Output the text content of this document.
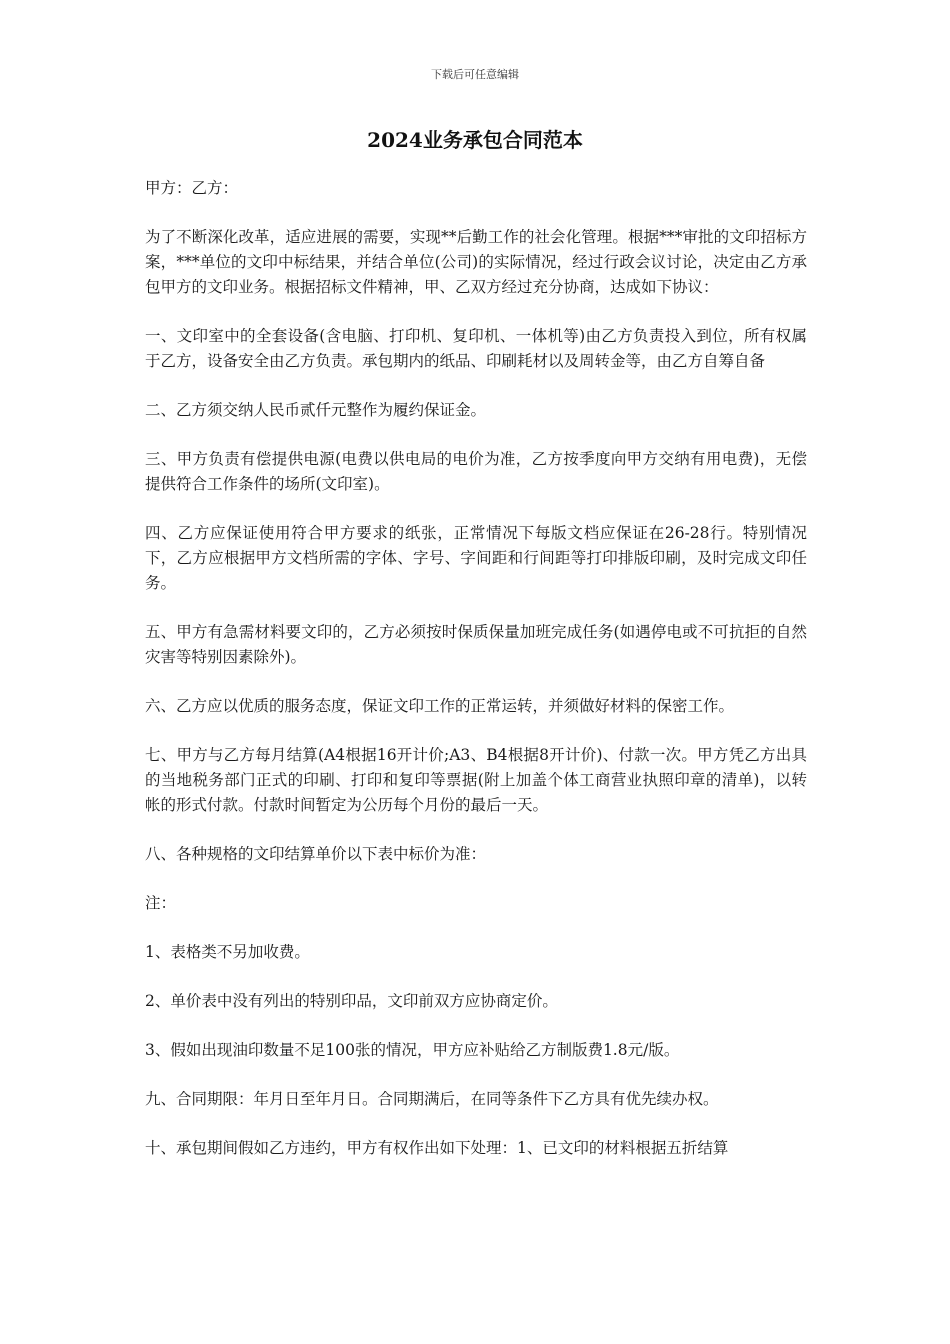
下载后可任意编辑
2024业务承包合同范本

甲方：乙方：

为了不断深化改革，适应进展的需要，实现**后勤工作的社会化管理。根据***审批的文印招标方案，***单位的文印中标结果，并结合单位(公司)的实际情况，经过行政会议讨论，决定由乙方承包甲方的文印业务。根据招标文件精神，甲、乙双方经过充分协商，达成如下协议：

一、文印室中的全套设备(含电脑、打印机、复印机、一体机等)由乙方负责投入到位，所有权属于乙方，设备安全由乙方负责。承包期内的纸品、印刷耗材以及周转金等，由乙方自筹自备

二、乙方须交纳人民币贰仟元整作为履约保证金。

三、甲方负责有偿提供电源(电费以供电局的电价为准，乙方按季度向甲方交纳有用电费)，无偿提供符合工作条件的场所(文印室)。

四、乙方应保证使用符合甲方要求的纸张，正常情况下每版文档应保证在26-28行。特别情况下，乙方应根据甲方文档所需的字体、字号、字间距和行间距等打印排版印刷，及时完成文印任务。

五、甲方有急需材料要文印的，乙方必须按时保质保量加班完成任务(如遇停电或不可抗拒的自然灾害等特别因素除外)。

六、乙方应以优质的服务态度，保证文印工作的正常运转，并须做好材料的保密工作。

七、甲方与乙方每月结算(A4根据16开计价;A3、B4根据8开计价)、付款一次。甲方凭乙方出具的当地税务部门正式的印刷、打印和复印等票据(附上加盖个体工商营业执照印章的清单)，以转帐的形式付款。付款时间暂定为公历每个月份的最后一天。

八、各种规格的文印结算单价以下表中标价为准：

注：

1、表格类不另加收费。

2、单价表中没有列出的特别印品，文印前双方应协商定价。

3、假如出现油印数量不足100张的情况，甲方应补贴给乙方制版费1.8元/版。

九、合同期限：年月日至年月日。合同期满后，在同等条件下乙方具有优先续办权。

十、承包期间假如乙方违约，甲方有权作出如下处理：1、已文印的材料根据五折结算
